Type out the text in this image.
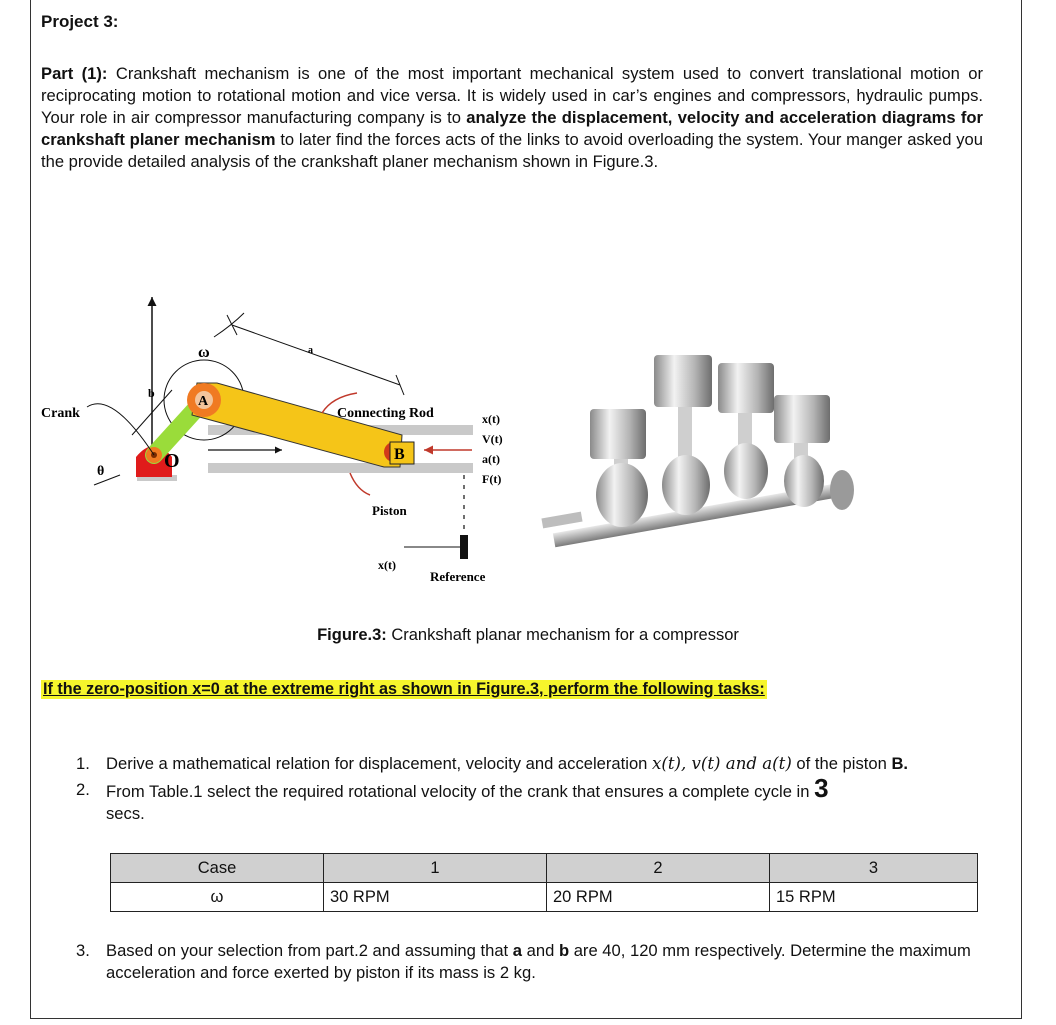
Project 3:
Part (1): Crankshaft mechanism is one of the most important mechanical system used to convert translational motion or reciprocating motion to rotational motion and vice versa. It is widely used in car’s engines and compressors, hydraulic pumps. Your role in air compressor manufacturing company is to analyze the displacement, velocity and acceleration diagrams for crankshaft planer mechanism to later find the forces acts of the links to avoid overloading the system. Your manger asked you the provide detailed analysis of the crankshaft planer mechanism shown in Figure.3.
ω	a
b
Crank
θ
A
O	B
Connecting Rod	x(t)
V(t)
a(t)
F(t)
Piston
x(t)
Reference
Figure.3: Crankshaft planar mechanism for a compressor
If the zero-position x=0 at the extreme right as shown in Figure.3, perform the following tasks:
1. Derive a mathematical relation for displacement, velocity and acceleration x(t), v(t) and a(t) of the piston B.
2. From Table.1 select the required rotational velocity of the crank that ensures a complete cycle in 3
secs.
Case	1	2	3
ω	30 RPM	20 RPM	15 RPM
3. Based on your selection from part.2 and assuming that a and b are 40, 120 mm respectively. Determine the maximum acceleration and force exerted by piston if its mass is 2 kg.
